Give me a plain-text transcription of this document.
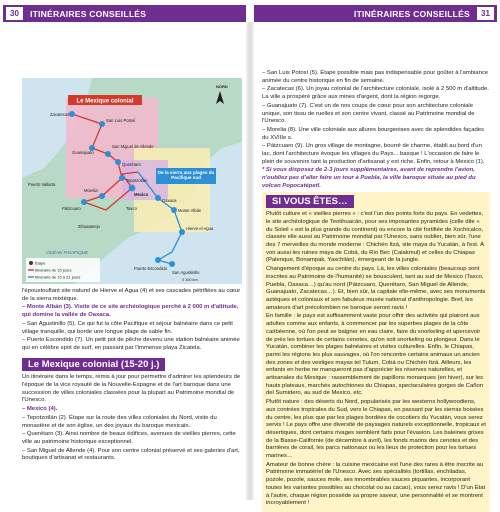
30	ITINÉRAIRES CONSEILLÉS	ITINÉRAIRES CONSEILLÉS	31
Le Mexique colonial
De la sierra aux plages du Pacifique sud
Zacatecas
San Luis Potosí
Guanajuato
San Miguel de Allende
Querétaro
Tepotzotlán
Morelia
Pátzcuaro
Mexico
Taxco
Oaxaca
Monte Albán
Hierve el Agua
Puerto Escondido
San Agustinillo
Zihuatanejo
Puerto Vallarta
OCÉAN PACIFIQUE
NORD
Étape
Itinéraire de 15 jours
Itinéraire de 15 à 21 jours
0 100 km

l'époustouflant site naturel de Hierve el Agua (4) et ses cascades pétrifiées au cœur de la sierra mixtèque.

– Monte Albán (3). Visite de ce site archéologique perché à 2 000 m d'altitude, qui domine la vallée de Oaxaca.

– San Agustinillo (5). Ce qui fut la côte Pacifique et séjour balnéaire dans ce petit village tranquille, qui borde une longue plage de sable fin.

– Puerto Escondido (7). Un petit pot de pêche devenu une station balnéaire animée qui en célèbre spot de surf, en passant par l'immense playa Zicatela.

Le Mexique colonial (15-20 j.)

Un itinéraire dans le temps, remis à jour pour permettre d'admirer les splendeurs de l'époque de la vice royauté de la Nouvelle-Espagne et de l'art baroque dans une succession de villes coloniales classées pour la plupart au Patrimoine mondial de l'Unesco.

– Mexico (4).

– Tepotzotlán (2). Étape sur la route des villes coloniales du Nord, visite du monastère et de son église, un des joyaux du baroque mexicain.

– Querétaro (3). Ainsi nombre de beaux édifices, avenues de vieilles pierres, cette ville au patrimoine historique exceptionnel.

– San Miguel de Allende (4). Pour son centre colonial préservé et ses galeries d'art, boutiques d'artisanat et restaurants.

– San Luis Potosí (5). Étape possible mais pas indispensable pour goûter à l'ambiance animée du centre historique en fin de semaine.

– Zacatecas (6). Un joyau colonial de l'architecture coloniale, isolé à 2 500 m d'altitude. La ville a prospéré grâce aux mines d'argent, dont la région regorge.

– Guanajuato (7). C'est un de nos coups de cœur pour son architecture coloniale unique, son tissu de ruelles et son centre vivant, classé au Patrimoine mondial de l'Unesco.

– Morelia (8). Une ville coloniale aux allures bourgeoises avec de splendides façades du XVIIIe s.

– Pátzcuaro (9). Un gros village de montagne, bourré de charme, établi au bord d'un lac, dont l'architecture évoque les villages du Pays... basque ! L'occasion de faire le plein de souvenirs tant la production d'artisanat y est riche. Enfin, retour à Mexico (1).

* Si vous disposez de 2-3 jours supplémentaires, avant de reprendre l'avion, n'oubliez pas d'aller faire un tour à Puebla, la ville baroque située au pied du volcan Popocatépetl.

SI VOUS ÊTES…

Plutôt culture et « vieilles pierres » : c'est l'un des points forts du pays. En vedettes, le site archéologique de Teotihuacán, pour ses imposantes pyramides (celle dite « du Soleil » est la plus grande du continent) ou encore la cité fortifiée de Xochicalco, classée elle aussi au Patrimoine mondial par l'Unesco, sans oublier, bien sûr, l'une des 7 merveilles du monde moderne : Chichén Itzá, site maya du Yucatán, à l'est. À voir aussi les ruines maya de Cobá, du Río Bec (Calakmul) et celles du Chiapas (Palenque, Bonampak, Yaxchilán), émergeant de la jungle.

Changement d'époque au centre du pays. Là, les villes coloniales (beaucoup sont inscrites au Patrimoine de l'humanité) se bousculent, tant au sud de Mexico (Taxco, Puebla, Oaxaca…) qu'au nord (Pátzcuaro, Querétaro, San Miguel de Allende, Guanajuato, Zacatecas…). Et, bien sûr, la capitale elle-même, avec ses monuments aztèques et coloniaux et son fabuleux musée national d'anthropologie. Bref, les amateurs d'art précolombien ne baroque seront ravis !

En famille : le pays est suffisamment vaste pour offrir des activités qui plairont aux adultes comme aux enfants, à commencer par les superbes plages de la côte caribéenne, où l'on peut se baigner en eau claire, faire du snorkeling et apercevoir de près les tortues de certains cenotes, qu'on soit snorkeling ou plongeur. Dans le Yucatán, combiner les plages balnéaires et visites culturelles. Enfin, le Chiapas, parmi les régions les plus sauvages, où l'on rencontre certains animaux un ancien des zones et des vestiges mayas tel Tulum, Cobá ou Chichén Itzá. Ailleurs, les enfants en herbe ne manqueront pas d'apprécier les réserves naturelles, et artisanales du Mexique : rassemblement de papillons monarques (en hiver), sur les hauts plateaux, marchés autochtones du Chiapas, spectaculaires gorges de Cañon del Sumidero, au sud de Mexico, etc.

Plutôt nature : des déserts du Nord, popularisés par les westerns hollywoodiens, aux contrées tropicales du Sud, vers le Chiapas, en passant par les sierras boisées du centre, les plus que par les plages bordées de cocotiers du Yucatán, vous serez servis ! Le pays offre une diversité de paysages naturels exceptionnelle, tropicaux et désertiques, dont certains rivages semblent faits pour l'évasion. Les baleines grises de la Basse-Californie (de décembre à avril), les fonds marins des cenotes et des barrières de corail, les parcs nationaux ou les lieux de protection pour les tortues marines…

Amateur de bonne chère : la cuisine mexicaine est l'une des rares à être inscrite au Patrimoine immatériel de l'Unesco. Avec ses spécialités (tortillas, enchiladas, pozole, pozole, sauces mole, ses innombrables sauces piquantes, incorporant toutes les variantes possibles au chocolat ou au cacao), vous serez ravis ! D'un État à l'autre, chaque région possède sa propre saveur, une personnalité et se montrent incroyablement !
